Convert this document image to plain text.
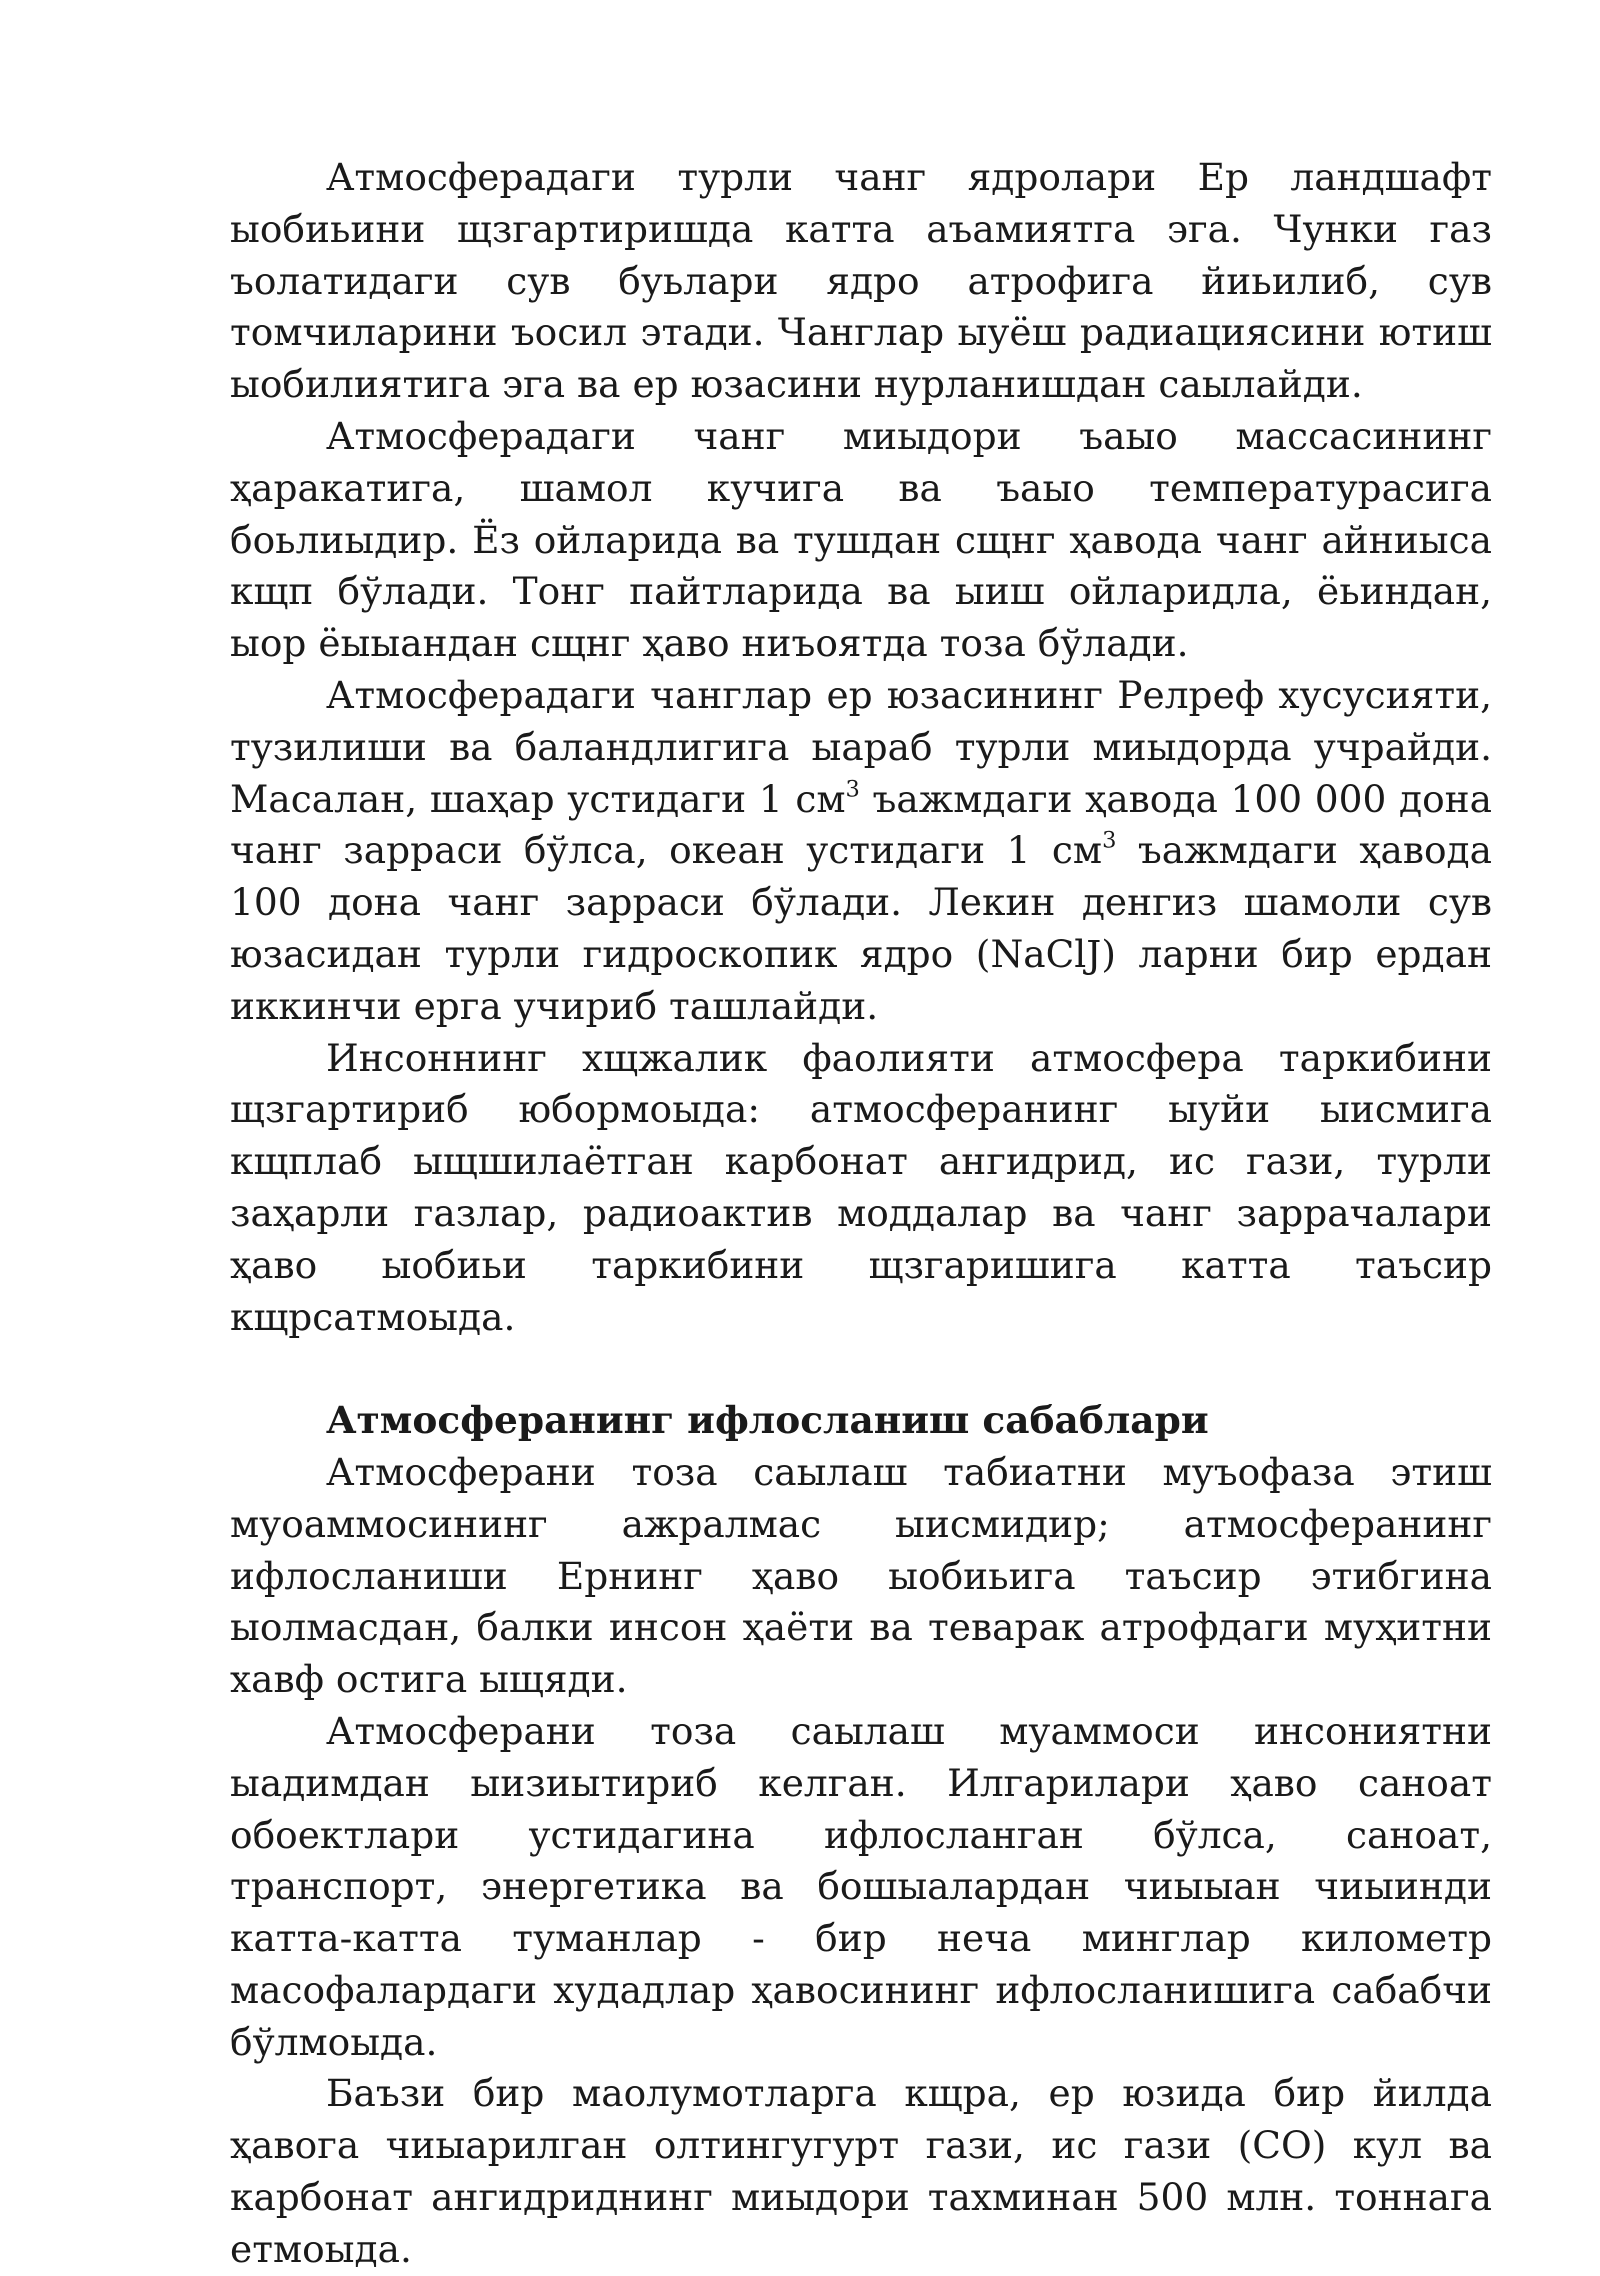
Атмосферадаги турли чанг ядролари Ер ландшафт ыобиьини щзгартиришда катта аъамиятга эга. Чунки газ ъолатидаги сув буьлари ядро атрофига йиьилиб, сув томчиларини ъосил этади. Чанглар ыуёш радиациясини ютиш ыобилиятига эга ва ер юзасини нурланишдан саылайди.

Атмосферадаги чанг миыдори ъаыо массасининг ҳаракатига, шамол кучига ва ъаыо температурасига боьлиыдир. Ёз ойларида ва тушдан сщнг ҳавода чанг айниыса кщп бўлади. Тонг пайтларида ва ыиш ойларидла, ёьиндан, ыор ёыыандан сщнг ҳаво ниъоятда тоза бўлади.

Атмосферадаги чанглар ер юзасининг Релреф хусусияти, тузилиши ва баландлигига ыараб турли миыдорда учрайди. Масалан, шаҳар устидаги 1 $см^3$ ъажмдаги ҳавода 100 000 дона чанг зарраси бўлса, океан устидаги 1 $см^3$ ъажмдаги ҳавода 100 дона чанг зарраси бўлади. Лекин денгиз шамоли сув юзасидан турли гидроскопик ядро (NaClJ) ларни бир ердан иккинчи ерга учириб ташлайди.

Инсоннинг хщжалик фаолияти атмосфера таркибини щзгартириб юбормоыда: атмосферанинг ыуйи ыисмига кщплаб ыщшилаётган карбонат ангидрид, ис гази, турли заҳарли газлар, радиоактив моддалар ва чанг заррачалари ҳаво ыобиьи таркибини щзгаришига катта таъсир кщрсатмоыда.

Атмосферанинг ифлосланиш сабаблари

Атмосферани тоза саылаш табиатни муъофаза этиш муоаммосининг ажралмас ыисмидир; атмосферанинг ифлосланиши Ернинг ҳаво ыобиьига таъсир этибгина ыолмасдан, балки инсон ҳаёти ва теварак атрофдаги муҳитни хавф остига ыщяди.

Атмосферани тоза саылаш муаммоси инсониятни ыадимдан ыизиытириб келган. Илгарилари ҳаво саноат обоектлари устидагина ифлосланган бўлса, саноат, транспорт, энергетика ва бошыалардан чиыыан чиыинди катта-катта туманлар - бир неча минглар километр масофалардаги худадлар ҳавосининг ифлосланишига сабабчи бўлмоыда.

Баъзи бир маолумотларга кщра, ер юзида бир йилда ҳавога чиыарилган олтингугурт гази, ис гази (СО) кул ва карбонат ангидриднинг миыдори тахминан 500 млн. тоннага етмоыда.
